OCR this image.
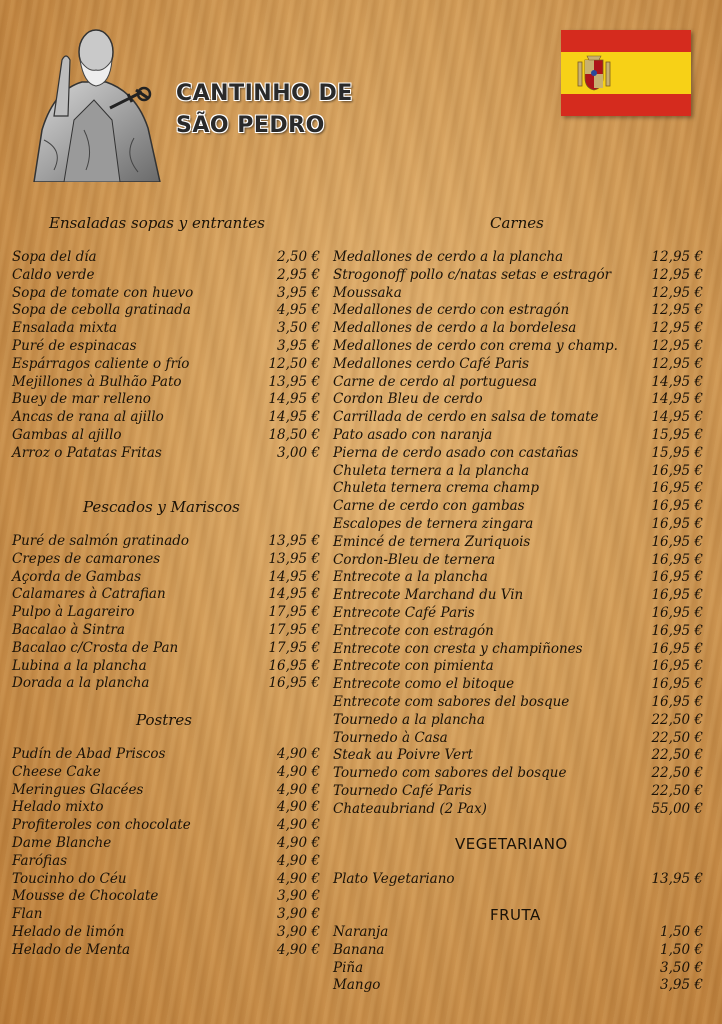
CANTINHO DE
SÃO PEDRO
Ensaladas sopas y entrantes
Sopa del día	2,50 €
Caldo verde	2,95 €
Sopa de tomate con huevo	3,95 €
Sopa de cebolla gratinada	4,95 €
Ensalada mixta	3,50 €
Puré de espinacas	3,95 €
Espárragos caliente o frío	12,50 €
Mejillones à Bulhão Pato	13,95 €
Buey de mar relleno	14,95 €
Ancas de rana al ajillo	14,95 €
Gambas al ajillo	18,50 €
Arroz o Patatas Fritas	3,00 €
Pescados y Mariscos
Puré de salmón gratinado	13,95 €
Crepes de camarones	13,95 €
Açorda de Gambas	14,95 €
Calamares à Catrafian	14,95 €
Pulpo à Lagareiro	17,95 €
Bacalao à Sintra	17,95 €
Bacalao c/Crosta de Pan	17,95 €
Lubina a la plancha	16,95 €
Dorada a la plancha	16,95 €
Postres
Pudín de Abad Priscos	4,90 €
Cheese Cake	4,90 €
Meringues Glacées	4,90 €
Helado mixto	4,90 €
Profiteroles con chocolate	4,90 €
Dame Blanche	4,90 €
Farófias	4,90 €
Toucinho do Céu	4,90 €
Mousse de Chocolate	3,90 €
Flan	3,90 €
Helado de limón	3,90 €
Helado de Menta	4,90 €
Carnes
Medallones de cerdo a la plancha	12,95 €
Strogonoff pollo c/natas setas e estragór	12,95 €
Moussaka	12,95 €
Medallones de cerdo con estragón	12,95 €
Medallones de cerdo a la bordelesa	12,95 €
Medallones de cerdo con crema y champ. 12,95 €
Medallones cerdo Café Paris	12,95 €
Carne de cerdo al portuguesa	14,95 €
Cordon Bleu de cerdo	14,95 €
Carrillada de cerdo en salsa de tomate	14,95 €
Pato asado con naranja	15,95 €
Pierna de cerdo asado con castañas	15,95 €
Chuleta ternera a la plancha	16,95 €
Chuleta ternera crema champ	16,95 €
Carne de cerdo con gambas	16,95 €
Escalopes de ternera zingara	16,95 €
Emincé de ternera Zuriquois	16,95 €
Cordon-Bleu de ternera	16,95 €
Entrecote a la plancha	16,95 €
Entrecote Marchand du Vin	16,95 €
Entrecote Café Paris	16,95 €
Entrecote con estragón	16,95 €
Entrecote con cresta y champiñones	16,95 €
Entrecote con pimienta	16,95 €
Entrecote como el bitoque	16,95 €
Entrecote com sabores del bosque	16,95 €
Tournedo a la plancha	22,50 €
Tournedo à Casa	22,50 €
Steak au Poivre Vert	22,50 €
Tournedo com sabores del bosque	22,50 €
Tournedo Café Paris	22,50 €
Chateaubriand (2 Pax)	55,00 €
VEGETARIANO
Plato Vegetariano	13,95 €
FRUTA
Naranja	1,50 €
Banana	1,50 €
Piña	3,50 €
Mango	3,95 €
